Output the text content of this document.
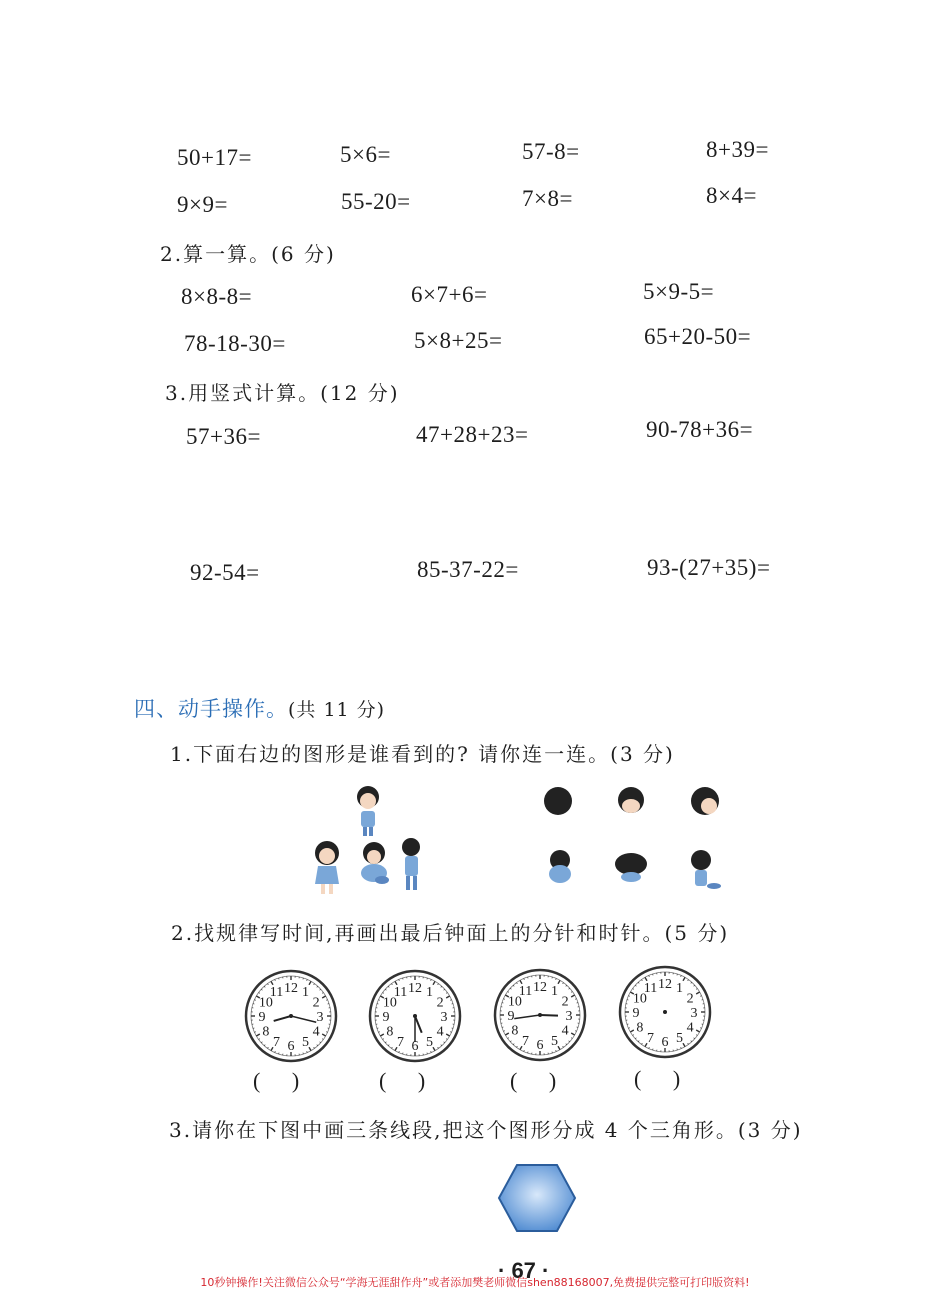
50+17=	5×6=	57-8=	8+39=
9×9=	55-20=	7×8=	8×4=
2.算一算。(6 分)
8×8-8=	6×7+6=	5×9-5=
78-18-30=	5×8+25=	65+20-50=
3.用竖式计算。(12 分)
57+36=	47+28+23=	90-78+36=
92-54=	85-37-22=	93-(27+35)=
四、动手操作。(共 11 分)
1.下面右边的图形是谁看到的? 请你连一连。(3 分)
2.找规律写时间,再画出最后钟面上的分针和时针。(5 分)
12 1
2
3
4
5
6
7
8
9
10
11	12 1
2
3
4
5
6
7
8
9
10
11	12 1
2
3
4
5
6
7
8
9
10
11	12 1
2
3
4
5
6
7
8
9
10
11
( )	( )	( )	( )
3.请你在下图中画三条线段,把这个图形分成 4 个三角形。(3 分)
· 67 ·
10秒钟操作!关注微信公众号“学海无涯甜作舟”或者添加樊老师微信shen88168007,免费提供完整可打印版资料!
